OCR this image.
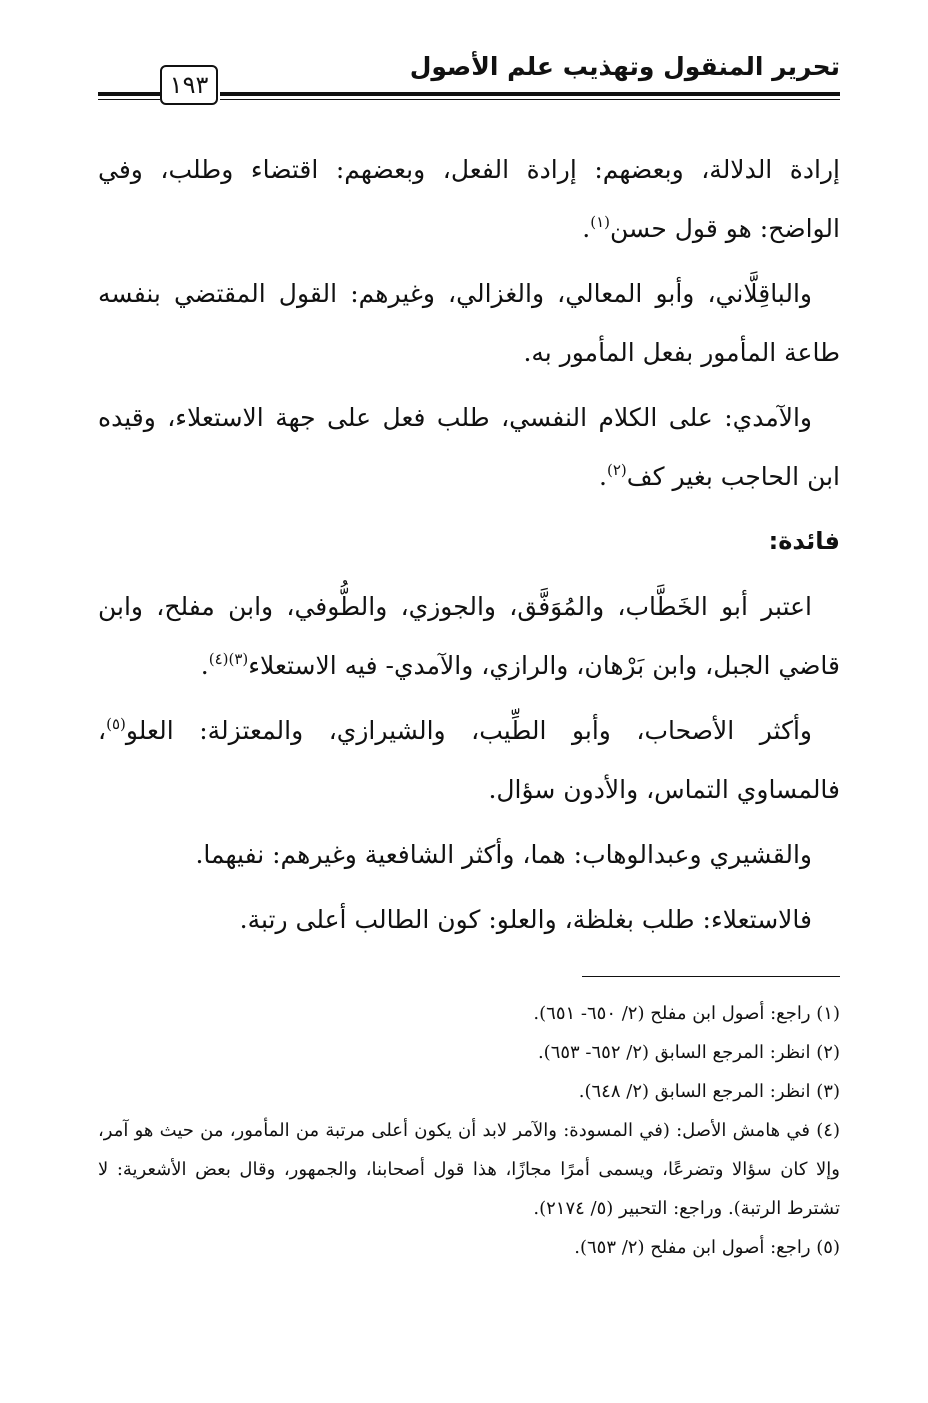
تحرير المنقول وتهذيب علم الأصول
١٩٣

إرادة الدلالة، وبعضهم: إرادة الفعل، وبعضهم: اقتضاء وطلب، وفي الواضح: هو قول حسن$^{(١)}$.

والباقِلَّاني، وأبو المعالي، والغزالي، وغيرهم: القول المقتضي بنفسه طاعة المأمور بفعل المأمور به.

والآمدي: على الكلام النفسي، طلب فعل على جهة الاستعلاء، وقيده ابن الحاجب بغير كف$^{(٢)}$.

فائدة:

اعتبر أبو الخَطَّاب، والمُوَفَّق، والجوزي، والطُّوفي، وابن مفلح، وابن قاضي الجبل، وابن بَرْهان، والرازي، والآمدي- فيه الاستعلاء$^{(٣)(٤)}$.

وأكثر الأصحاب، وأبو الطِّيب، والشيرازي، والمعتزلة: العلو$^{(٥)}$، فالمساوي التماس، والأدون سؤال.

والقشيري وعبدالوهاب: هما، وأكثر الشافعية وغيرهم: نفيهما.

فالاستعلاء: طلب بغلظة، والعلو: كون الطالب أعلى رتبة.

(١) راجع: أصول ابن مفلح (٢/ ٦٥٠- ٦٥١).

(٢) انظر: المرجع السابق (٢/ ٦٥٢- ٦٥٣).

(٣) انظر: المرجع السابق (٢/ ٦٤٨).

(٤) في هامش الأصل: (في المسودة: والآمر لابد أن يكون أعلى مرتبة من المأمور، من حيث هو آمر، وإلا كان سؤالا وتضرعًا، ويسمى أمرًا مجازًا، هذا قول أصحابنا، والجمهور، وقال بعض الأشعرية: لا تشترط الرتبة). وراجع: التحبير (٥/ ٢١٧٤).

(٥) راجع: أصول ابن مفلح (٢/ ٦٥٣).
